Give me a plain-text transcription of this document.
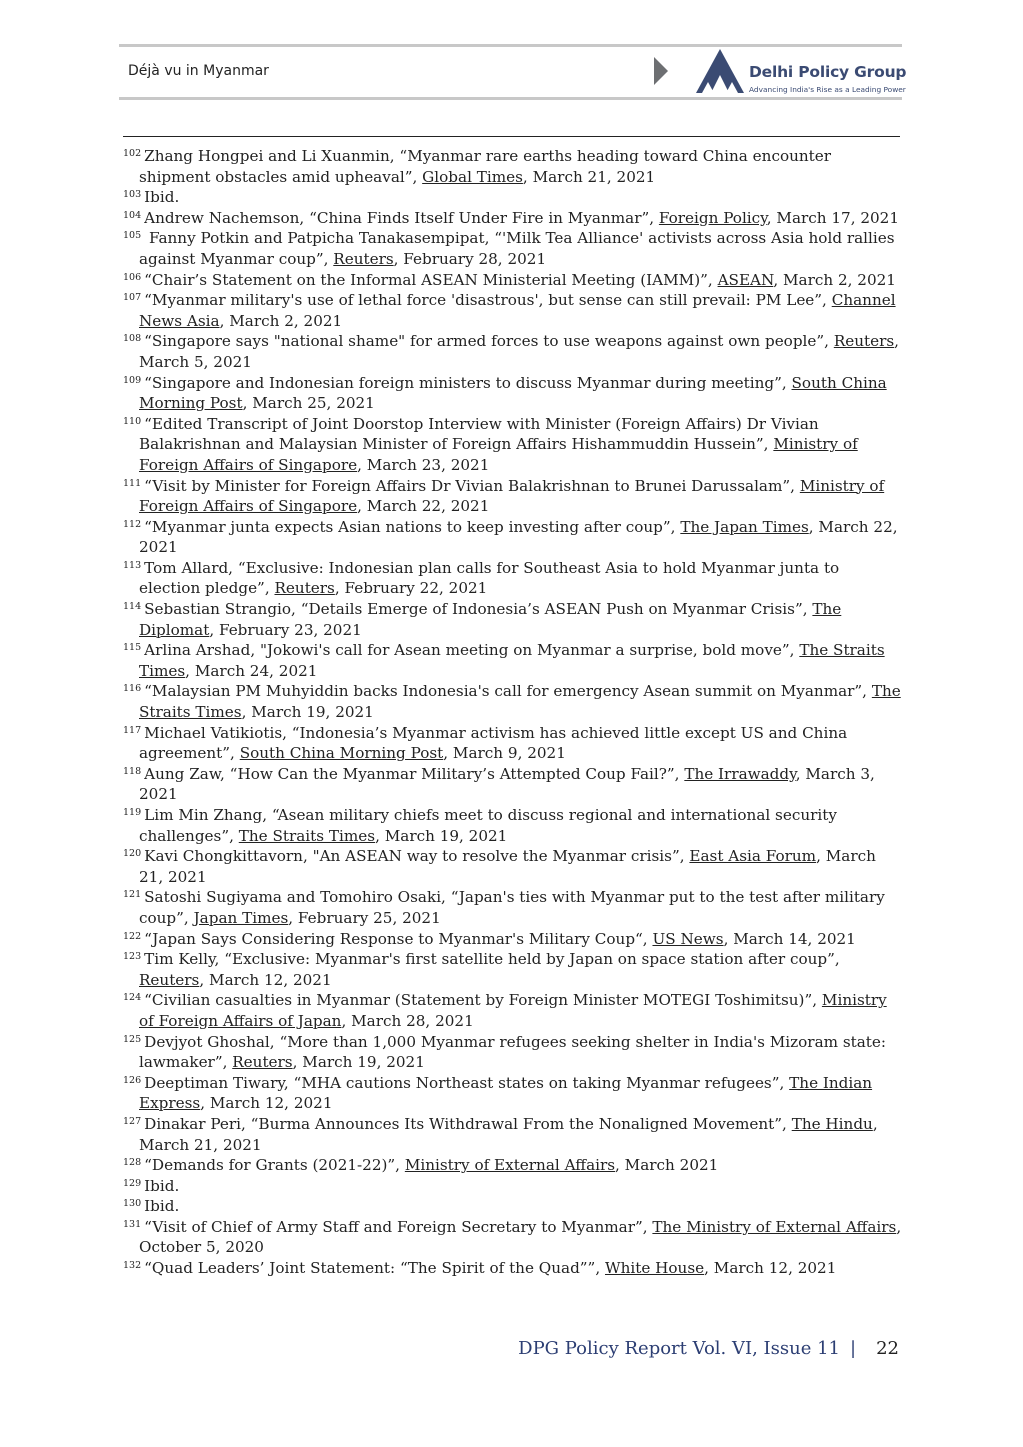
Déjà vu in Myanmar	Delhi Policy Group
Advancing India's Rise as a Leading Power
$^{102}$ Zhang Hongpei and Li Xuanmin, “Myanmar rare earths heading toward China encounter shipment obstacles amid upheaval”, Global Times, March 21, 2021
$^{103}$ Ibid.
$^{104}$ Andrew Nachemson, “China Finds Itself Under Fire in Myanmar”, Foreign Policy, March 17, 2021
$^{105}$ Fanny Potkin and Patpicha Tanakasempipat, “'Milk Tea Alliance' activists across Asia hold rallies against Myanmar coup”, Reuters, February 28, 2021
$^{106}$ “Chair’s Statement on the Informal ASEAN Ministerial Meeting (IAMM)”, ASEAN, March 2, 2021
$^{107}$ “Myanmar military's use of lethal force 'disastrous', but sense can still prevail: PM Lee”, Channel News Asia, March 2, 2021
$^{108}$ “Singapore says "national shame" for armed forces to use weapons against own people”, Reuters, March 5, 2021
$^{109}$ “Singapore and Indonesian foreign ministers to discuss Myanmar during meeting”, South China Morning Post, March 25, 2021
$^{110}$ “Edited Transcript of Joint Doorstop Interview with Minister (Foreign Affairs) Dr Vivian Balakrishnan and Malaysian Minister of Foreign Affairs Hishammuddin Hussein”, Ministry of Foreign Affairs of Singapore, March 23, 2021
$^{111}$ “Visit by Minister for Foreign Affairs Dr Vivian Balakrishnan to Brunei Darussalam”, Ministry of Foreign Affairs of Singapore, March 22, 2021
$^{112}$ “Myanmar junta expects Asian nations to keep investing after coup”, The Japan Times, March 22, 2021
$^{113}$ Tom Allard, “Exclusive: Indonesian plan calls for Southeast Asia to hold Myanmar junta to election pledge”, Reuters, February 22, 2021
$^{114}$ Sebastian Strangio, “Details Emerge of Indonesia’s ASEAN Push on Myanmar Crisis”, The Diplomat, February 23, 2021
$^{115}$ Arlina Arshad, "Jokowi's call for Asean meeting on Myanmar a surprise, bold move”, The Straits Times, March 24, 2021
$^{116}$ “Malaysian PM Muhyiddin backs Indonesia's call for emergency Asean summit on Myanmar”, The Straits Times, March 19, 2021
$^{117}$ Michael Vatikiotis, “Indonesia’s Myanmar activism has achieved little except US and China agreement”, South China Morning Post, March 9, 2021
$^{118}$ Aung Zaw, “How Can the Myanmar Military’s Attempted Coup Fail?”, The Irrawaddy, March 3, 2021
$^{119}$ Lim Min Zhang, “Asean military chiefs meet to discuss regional and international security challenges”, The Straits Times, March 19, 2021
$^{120}$ Kavi Chongkittavorn, "An ASEAN way to resolve the Myanmar crisis”, East Asia Forum, March 21, 2021
$^{121}$ Satoshi Sugiyama and Tomohiro Osaki, “Japan's ties with Myanmar put to the test after military coup”, Japan Times, February 25, 2021
$^{122}$ “Japan Says Considering Response to Myanmar's Military Coup“, US News, March 14, 2021
$^{123}$ Tim Kelly, “Exclusive: Myanmar's first satellite held by Japan on space station after coup”, Reuters, March 12, 2021
$^{124}$ “Civilian casualties in Myanmar (Statement by Foreign Minister MOTEGI Toshimitsu)”, Ministry of Foreign Affairs of Japan, March 28, 2021
$^{125}$ Devjyot Ghoshal, “More than 1,000 Myanmar refugees seeking shelter in India's Mizoram state: lawmaker”, Reuters, March 19, 2021
$^{126}$ Deeptiman Tiwary, “MHA cautions Northeast states on taking Myanmar refugees”, The Indian Express, March 12, 2021
$^{127}$ Dinakar Peri, “Burma Announces Its Withdrawal From the Nonaligned Movement”, The Hindu, March 21, 2021
$^{128}$ “Demands for Grants (2021-22)”, Ministry of External Affairs, March 2021
$^{129}$ Ibid.
$^{130}$ Ibid.
$^{131}$ “Visit of Chief of Army Staff and Foreign Secretary to Myanmar”, The Ministry of External Affairs, October 5, 2020
$^{132}$ “Quad Leaders’ Joint Statement: “The Spirit of the Quad””, White House, March 12, 2021
DPG Policy Report Vol. VI, Issue 11 | 22
